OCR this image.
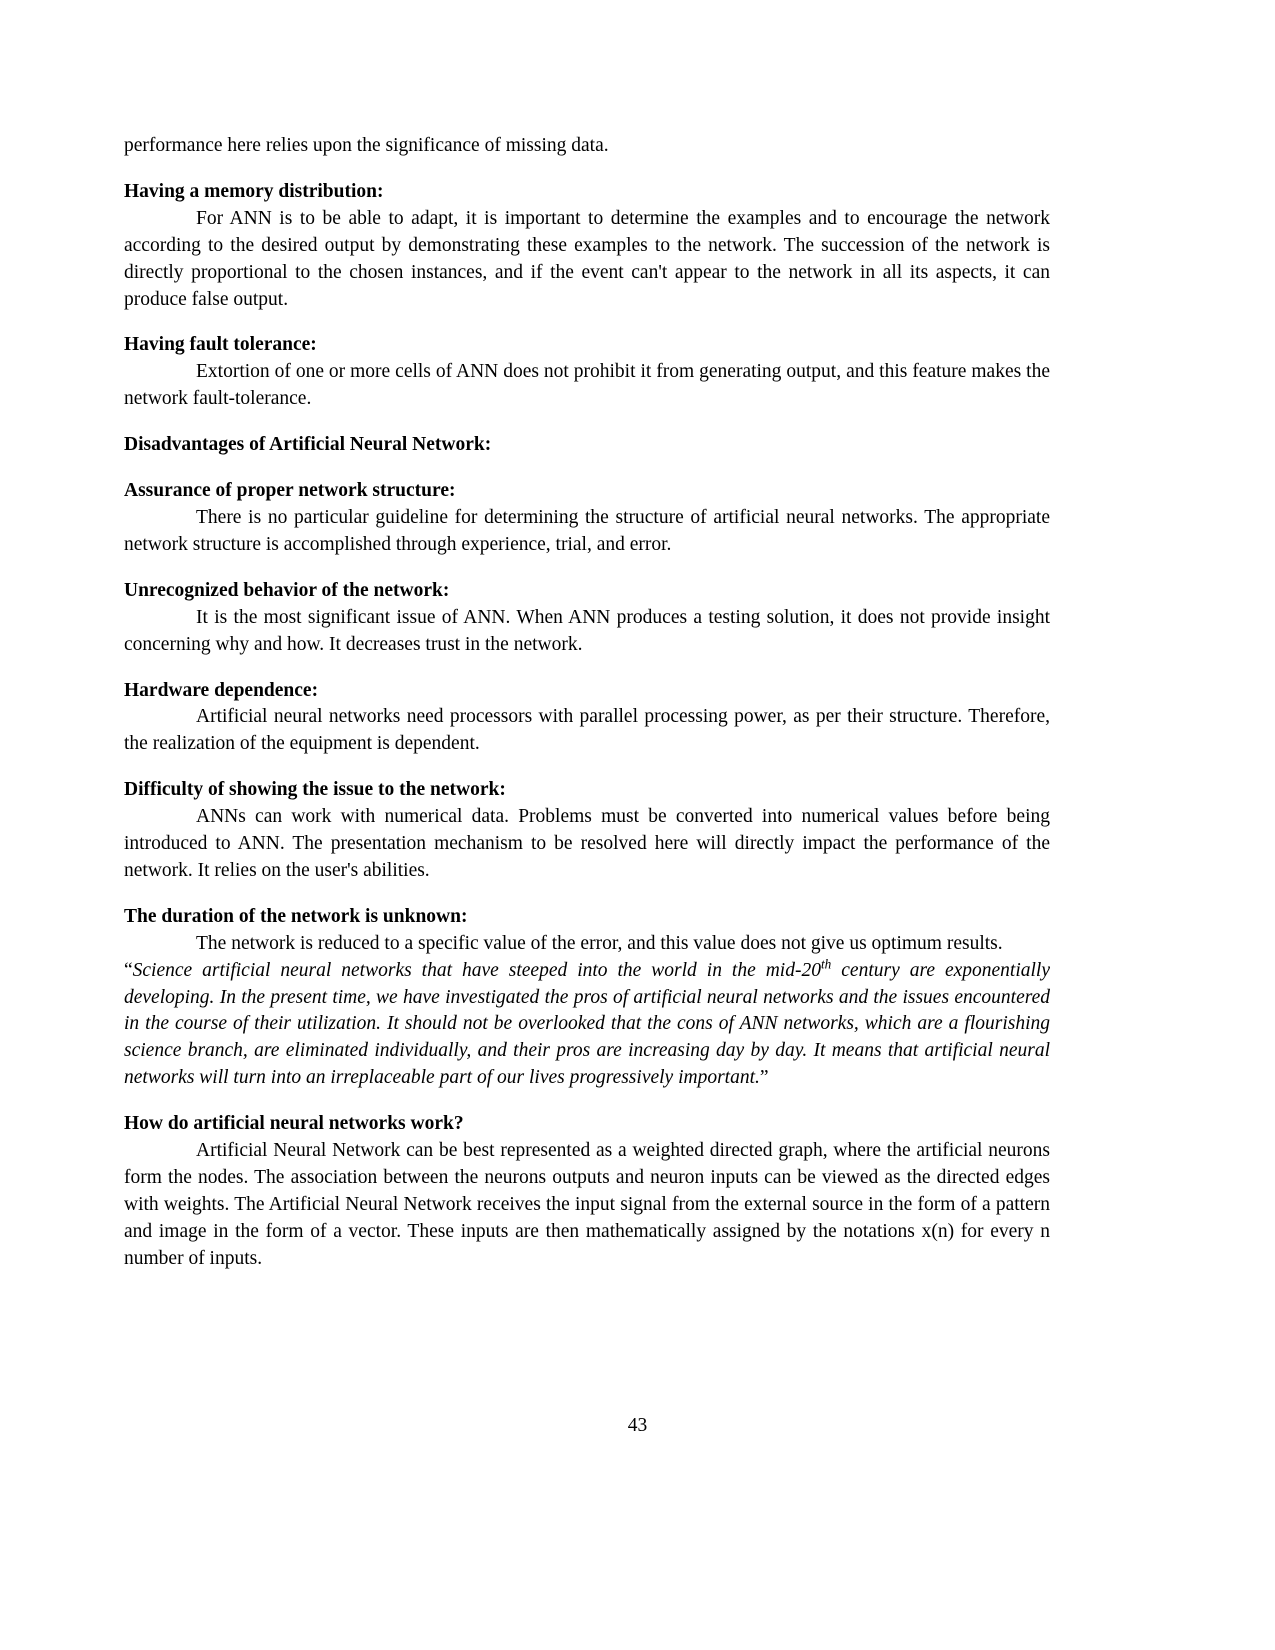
performance here relies upon the significance of missing data.

Having a memory distribution:

For ANN is to be able to adapt, it is important to determine the examples and to encourage the network according to the desired output by demonstrating these examples to the network. The succession of the network is directly proportional to the chosen instances, and if the event can't appear to the network in all its aspects, it can produce false output.

Having fault tolerance:

Extortion of one or more cells of ANN does not prohibit it from generating output, and this feature makes the network fault-tolerance.

Disadvantages of Artificial Neural Network:

Assurance of proper network structure:

There is no particular guideline for determining the structure of artificial neural networks. The appropriate network structure is accomplished through experience, trial, and error.

Unrecognized behavior of the network:

It is the most significant issue of ANN. When ANN produces a testing solution, it does not provide insight concerning why and how. It decreases trust in the network.

Hardware dependence:

Artificial neural networks need processors with parallel processing power, as per their structure. Therefore, the realization of the equipment is dependent.

Difficulty of showing the issue to the network:

ANNs can work with numerical data. Problems must be converted into numerical values before being introduced to ANN. The presentation mechanism to be resolved here will directly impact the performance of the network. It relies on the user's abilities.

The duration of the network is unknown:

The network is reduced to a specific value of the error, and this value does not give us optimum results.

“Science artificial neural networks that have steeped into the world in the mid-20th century are exponentially developing. In the present time, we have investigated the pros of artificial neural networks and the issues encountered in the course of their utilization. It should not be overlooked that the cons of ANN networks, which are a flourishing science branch, are eliminated individually, and their pros are increasing day by day. It means that artificial neural networks will turn into an irreplaceable part of our lives progressively important.”

How do artificial neural networks work?

Artificial Neural Network can be best represented as a weighted directed graph, where the artificial neurons form the nodes. The association between the neurons outputs and neuron inputs can be viewed as the directed edges with weights. The Artificial Neural Network receives the input signal from the external source in the form of a pattern and image in the form of a vector. These inputs are then mathematically assigned by the notations x(n) for every n number of inputs.

43
